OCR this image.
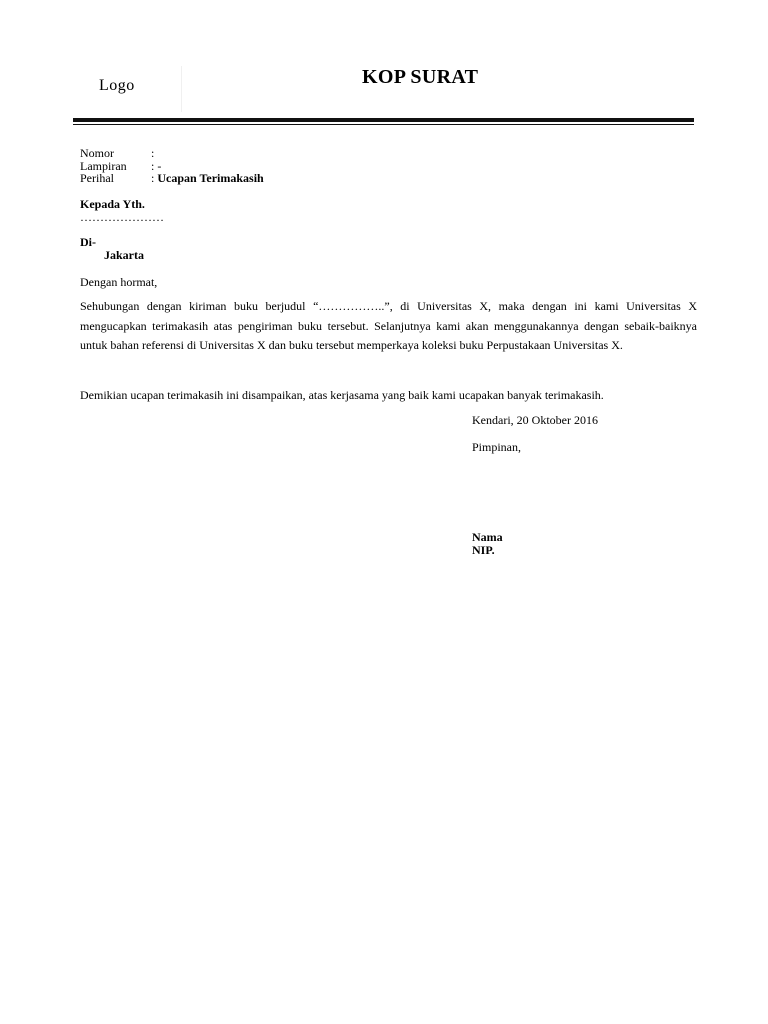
Logo	KOP SURAT
Nomor	:
Lampiran	: -
Perihal	: Ucapan Terimakasih
Kepada Yth.
…………………
Di-
Jakarta
Dengan hormat,
Sehubungan dengan kiriman buku berjudul “……………..”, di Universitas X, maka dengan ini kami Universitas X mengucapkan terimakasih atas pengiriman buku tersebut. Selanjutnya kami akan menggunakannya dengan sebaik-baiknya untuk bahan referensi di Universitas X dan buku tersebut memperkaya koleksi buku Perpustakaan Universitas X.
Demikian ucapan terimakasih ini disampaikan, atas kerjasama yang baik kami ucapakan banyak terimakasih.
Kendari, 20 Oktober 2016
Pimpinan,
Nama
NIP.
